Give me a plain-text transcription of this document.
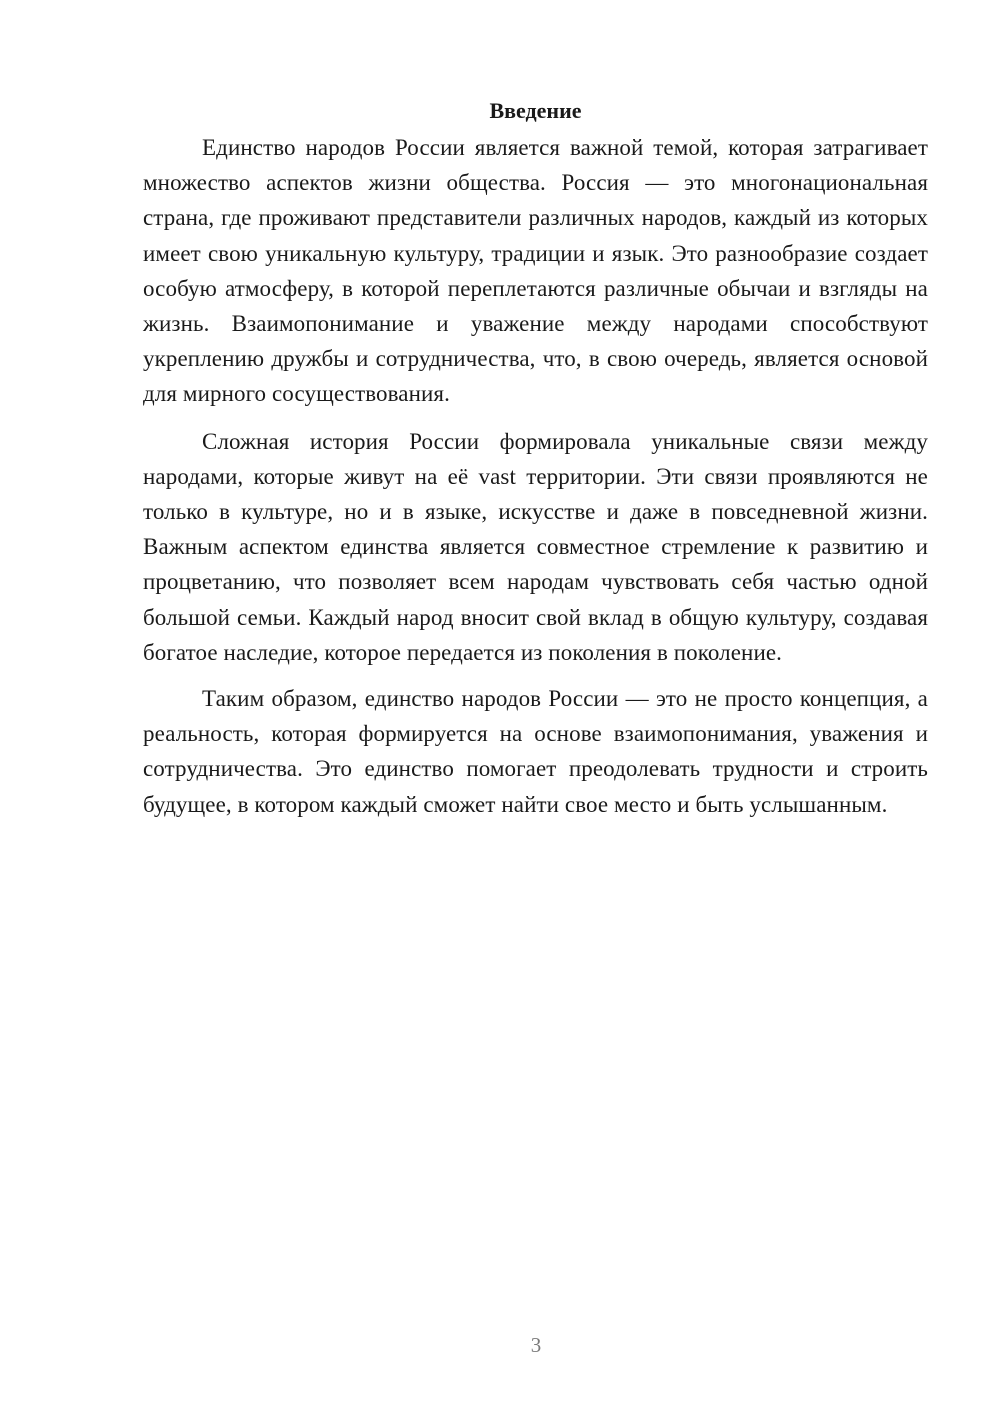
Введение

Единство народов России является важной темой, которая затрагивает множество аспектов жизни общества. Россия — это многонациональная страна, где проживают представители различных народов, каждый из которых имеет свою уникальную культуру, традиции и язык. Это разнообразие создает особую атмосферу, в которой переплетаются различные обычаи и взгляды на жизнь. Взаимопонимание и уважение между народами способствуют укреплению дружбы и сотрудничества, что, в свою очередь, является основой для мирного сосуществования.

Сложная история России формировала уникальные связи между народами, которые живут на её vast территории. Эти связи проявляются не только в культуре, но и в языке, искусстве и даже в повседневной жизни. Важным аспектом единства является совместное стремление к развитию и процветанию, что позволяет всем народам чувствовать себя частью одной большой семьи. Каждый народ вносит свой вклад в общую культуру, создавая богатое наследие, которое передается из поколения в поколение.

Таким образом, единство народов России — это не просто концепция, а реальность, которая формируется на основе взаимопонимания, уважения и сотрудничества. Это единство помогает преодолевать трудности и строить будущее, в котором каждый сможет найти свое место и быть услышанным.

3
